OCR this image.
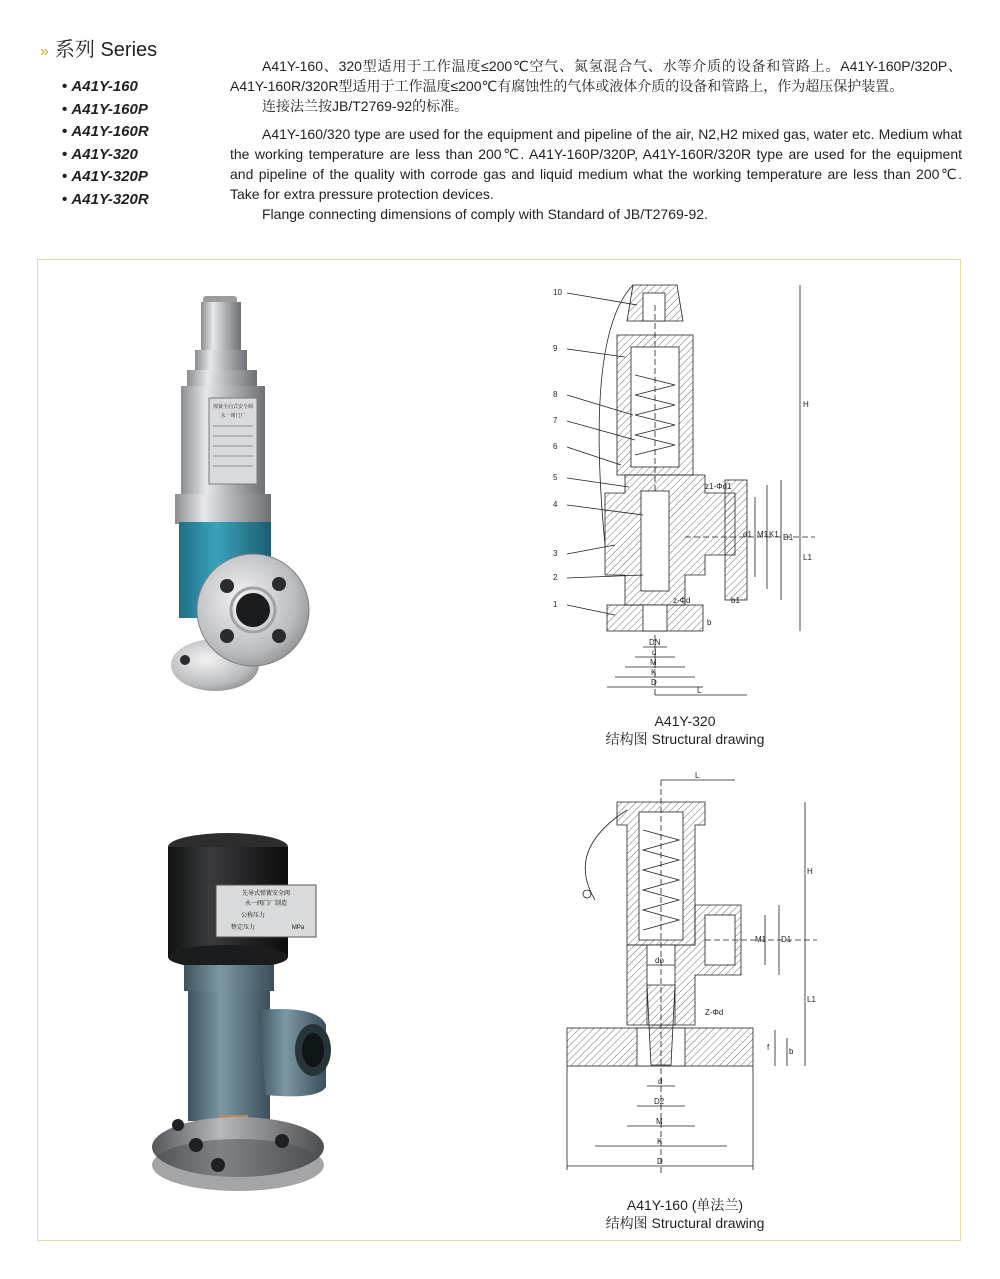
» 系列 Series
• A41Y-160
• A41Y-160P
• A41Y-160R
• A41Y-320
• A41Y-320P
• A41Y-320R

A41Y-160、320型适用于工作温度≤200℃空气、氮氢混合气、水等介质的设备和管路上。A41Y-160P/320P、A41Y-160R/320R型适用于工作温度≤200℃有腐蚀性的气体或液体介质的设备和管路上，作为超压保护装置。

连接法兰按JB/T2769-92的标准。

A41Y-160/320 type are used for the equipment and pipeline of the air, N2,H2 mixed gas, water etc. Medium what the working temperature are less than 200℃. A41Y-160P/320P, A41Y-160R/320R type are used for the equipment and pipeline of the quality with corrode gas and liquid medium what the working temperature are less than 200℃. Take for extra pressure protection devices.

Flange connecting dimensions of comply with Standard of JB/T2769-92.

弹簧全启式安全阀
永一阀门厂
先导式弹簧安全阀
永一阀门厂制造
公称压力
整定压力	MPa
10
9
8
7
6
5
4
3
2
1
H
L1
D1
K1
M1
d1
z1-Φd1
z-Φd
b
b1
DN
d
M
K
D
L
A41Y-320
结构图 Structural drawing
L
H
L1
M1 D1
do
Z-Φd
f b
d
D2
M
K
D
A41Y-160 (单法兰)
结构图 Structural drawing
